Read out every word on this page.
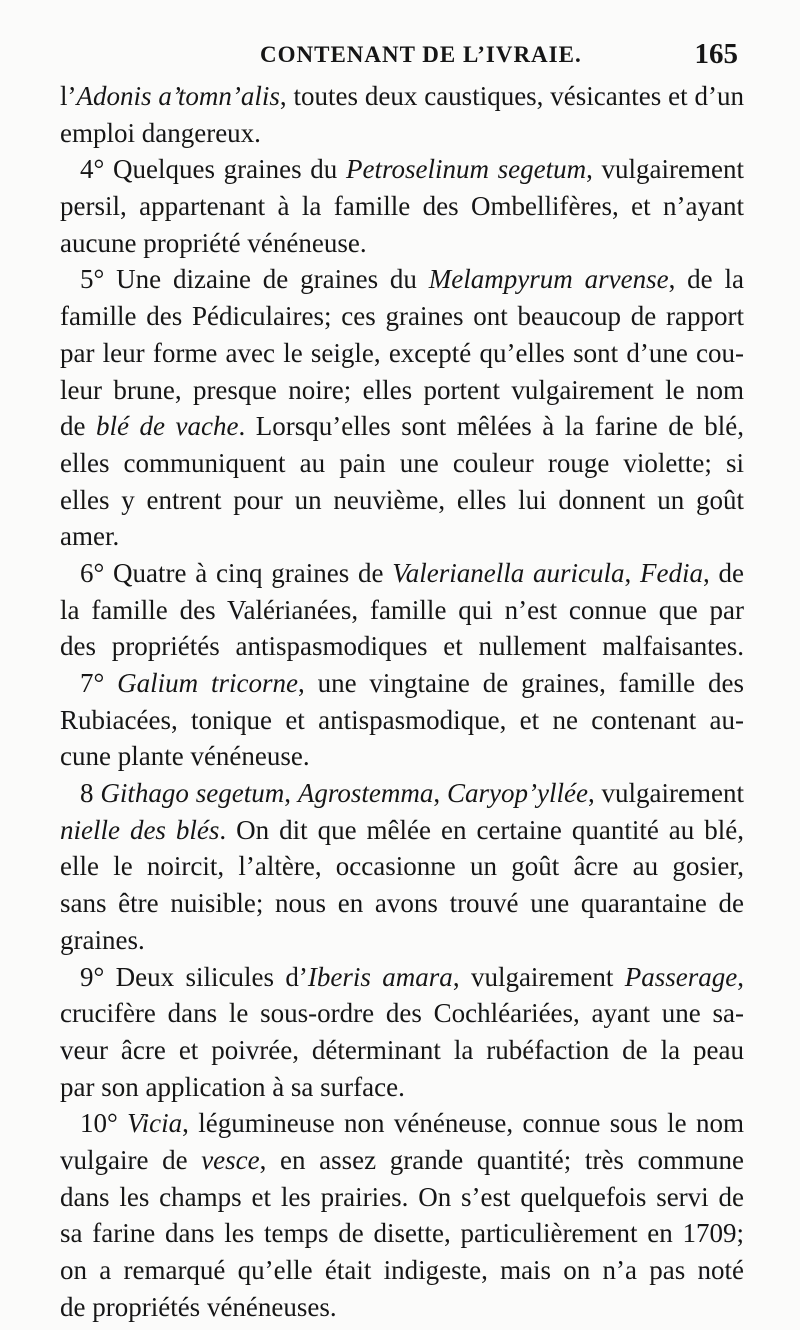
CONTENANT DE L’IVRAIE.	165
l’Adonis a’tomn’alis, toutes deux caustiques, vésicantes et d’un
emploi dangereux.
4° Quelques graines du Petroselinum segetum, vulgairement
persil, appartenant à la famille des Ombellifères, et n’ayant
aucune propriété vénéneuse.
5° Une dizaine de graines du Melampyrum arvense, de la
famille des Pédiculaires; ces graines ont beaucoup de rapport
par leur forme avec le seigle, excepté qu’elles sont d’une cou-
leur brune, presque noire; elles portent vulgairement le nom
de blé de vache. Lorsqu’elles sont mêlées à la farine de blé,
elles communiquent au pain une couleur rouge violette; si
elles y entrent pour un neuvième, elles lui donnent un goût
amer.
6° Quatre à cinq graines de Valerianella auricula, Fedia, de
la famille des Valérianées, famille qui n’est connue que par
des propriétés antispasmodiques et nullement malfaisantes.
7° Galium tricorne, une vingtaine de graines, famille des
Rubiacées, tonique et antispasmodique, et ne contenant au-
cune plante vénéneuse.
8 Githago segetum, Agrostemma, Caryop’yllée, vulgairement
nielle des blés. On dit que mêlée en certaine quantité au blé,
elle le noircit, l’altère, occasionne un goût âcre au gosier,
sans être nuisible; nous en avons trouvé une quarantaine de
graines.
9° Deux silicules d’Iberis amara, vulgairement Passerage,
crucifère dans le sous-ordre des Cochléariées, ayant une sa-
veur âcre et poivrée, déterminant la rubéfaction de la peau
par son application à sa surface.
10° Vicia, légumineuse non vénéneuse, connue sous le nom
vulgaire de vesce, en assez grande quantité; très commune
dans les champs et les prairies. On s’est quelquefois servi de
sa farine dans les temps de disette, particulièrement en 1709;
on a remarqué qu’elle était indigeste, mais on n’a pas noté
de propriétés vénéneuses.
